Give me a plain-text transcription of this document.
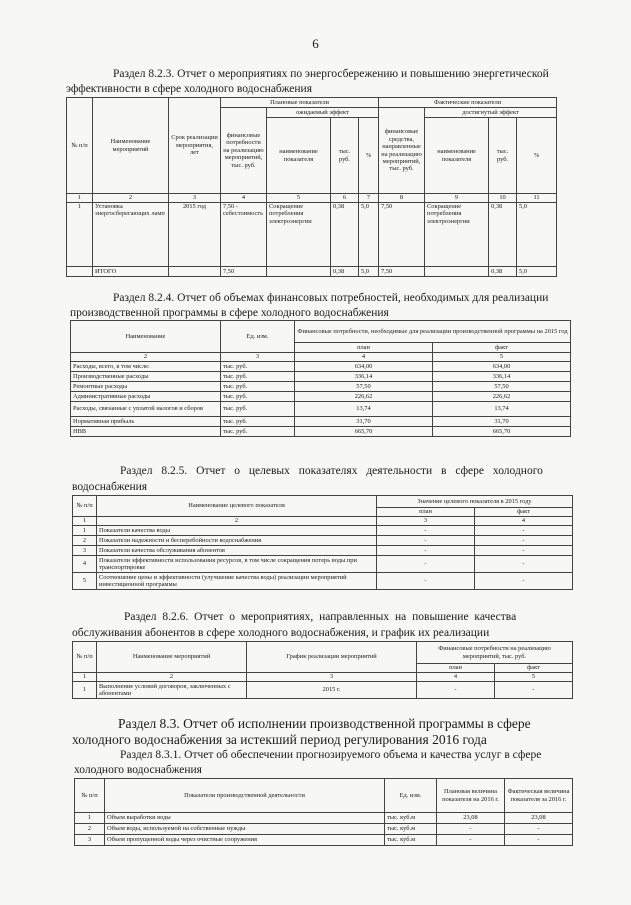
6
Раздел 8.2.3. Отчет о мероприятиях по энергосбережению и повышению энергетической
эффективности в сфере холодного водоснабжения
№ п/п	Наименование мероприятий	Срок реализации мероприятия, лет	Плановые показатели				Фактические показатели			
			финансовые потребности на реализацию мероприятий, тыс. руб.	ожидаемый эффект			финансовые средства, направленные на реализацию мероприятий, тыс. руб.	достигнутый эффект		
				наименование показателя	тыс. руб.	%		наименование показателя	тыс. руб.	%
1	2	3	4	5	6	7	8	9	10	11
1	Установка энергосберегающих ламп	2015 год	7,50 - себестоимость	Сокращение потребления электроэнергии	0,38	5,0	7,50	Сокращение потребления электроэнергии	0,38	5,0
	ИТОГО		7,50		0,38	5,0	7,50		0,38	5,0
Раздел 8.2.4. Отчет об объемах финансовых потребностей, необходимых для реализации
производственной программы в сфере холодного водоснабжения
Наименование	Ед. изм.	Финансовые потребности, необходимые для реализации производственной программы на 2015 год	
		план	факт
2	3	4	5
Расходы, всего, в том числе:	тыс. руб.	634,00	634,00
Производственные расходы	тыс. руб.	336,14	336,14
Ремонтные расходы	тыс. руб.	57,50	57,50
Административные расходы	тыс. руб.	226,62	226,62
Расходы, связанные с уплатой налогов и сборов	тыс. руб.	13,74	13,74
Нормативная прибыль	тыс. руб.	31,70	31,70
НВВ	тыс. руб.	665,70	665,70
Раздел 8.2.5. Отчет о целевых показателях деятельности в сфере холодного
водоснабжения
№ п/п	Наименование целевого показателя	Значение целевого показателя в 2015 году	
		план	факт
1	2	3	4
1	Показатели качества воды	-	-
2	Показатели надежности и бесперебойности водоснабжения	-	-
3	Показатели качества обслуживания абонентов	-	-
4	Показатели эффективности использования ресурсов, в том числе сокращения потерь воды при транспортировке	-	-
5	Соотношение цены и эффективности (улучшение качества воды) реализации мероприятий инвестиционной программы	-	-
Раздел 8.2.6. Отчет о мероприятиях, направленных на повышение качества
обслуживания абонентов в сфере холодного водоснабжения, и график их реализации
№ п/п	Наименование мероприятий	График реализации мероприятий	Финансовые потребности на реализацию мероприятий, тыс. руб.	
			план	факт
1	2	3	4	5
1	Выполнение условий договоров, заключенных с абонентами	2015 г.	-	-
Раздел 8.3. Отчет об исполнении производственной программы в сфере
холодного водоснабжения за истекший период регулирования 2016 года
Раздел 8.3.1. Отчет об обеспечении прогнозируемого объема и качества услуг в сфере
холодного водоснабжения
№ п/п	Показатели производственной деятельности	Ед. изм.	Плановая величина показателя на 2016 г.	Фактическая величина показателя за 2016 г.
1	Объем выработки воды	тыс. куб.м	23,08	23,08
2	Объем воды, используемой на собственные нужды	тыс. куб.м	-	-
3	Объем пропущенной воды через очистные сооружения	тыс. куб.м	-	-
